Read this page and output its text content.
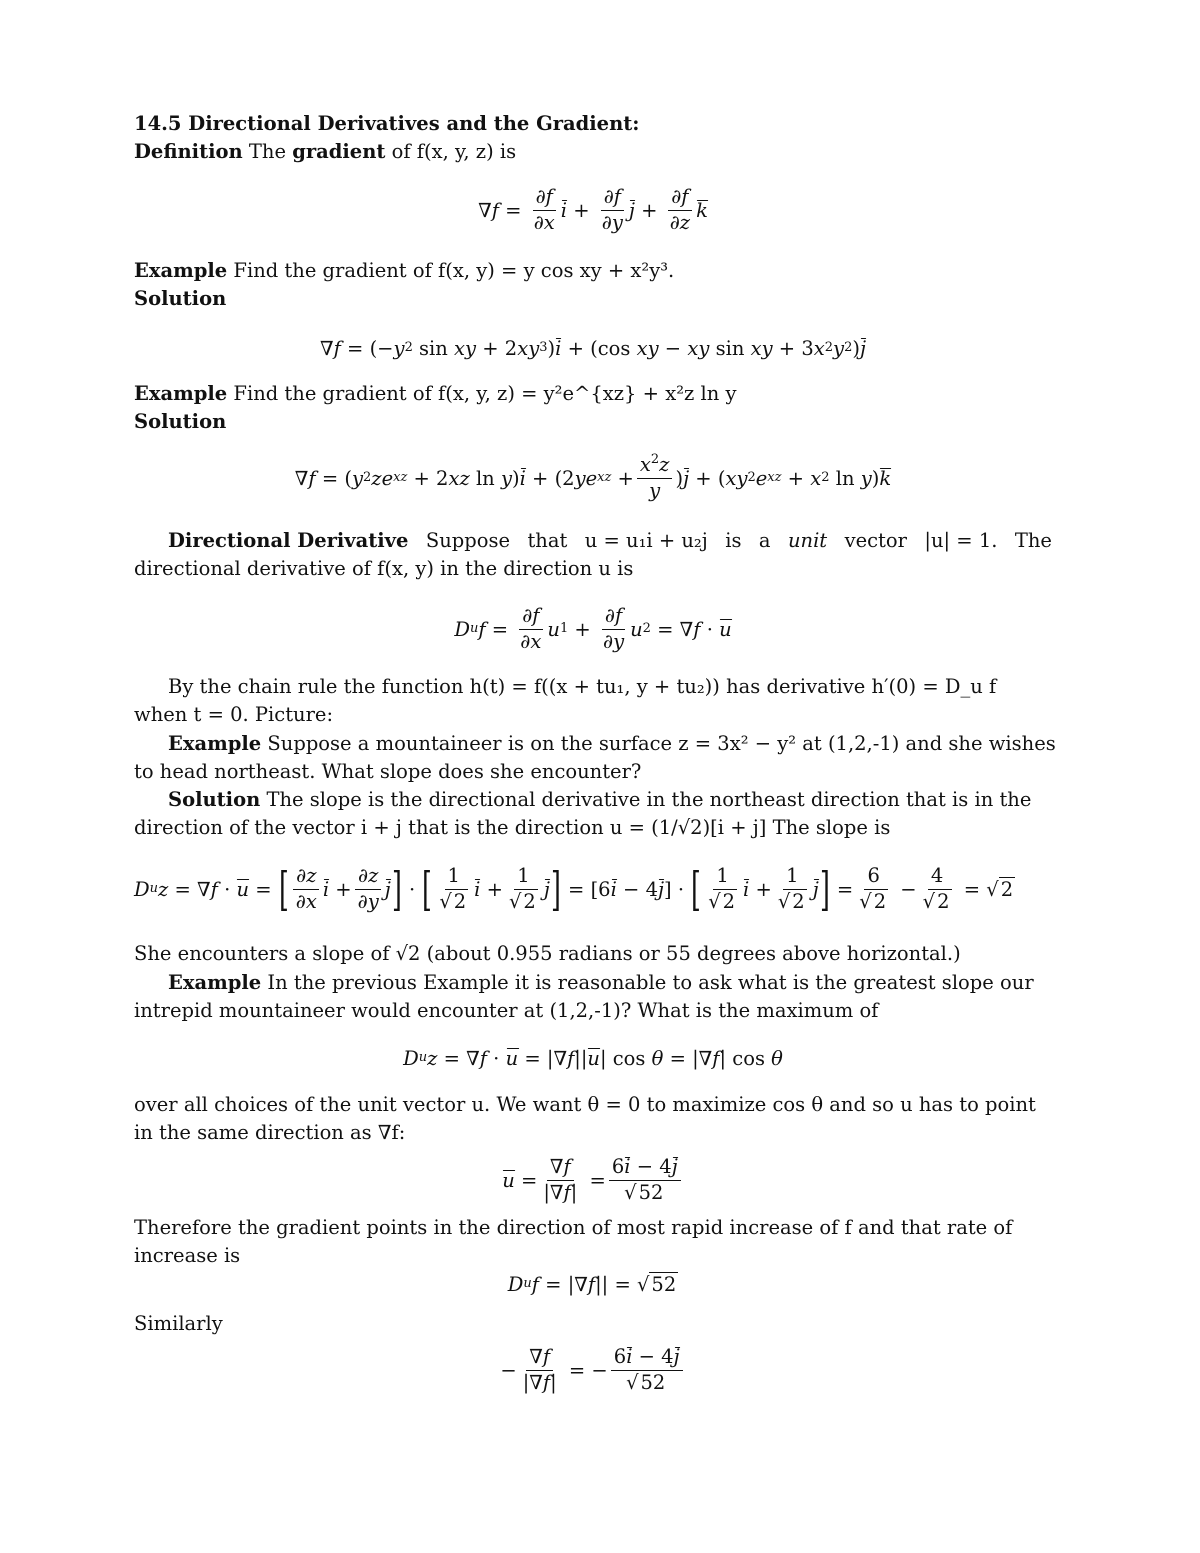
14.5 Directional Derivatives and the Gradient:
Definition The gradient of f(x, y, z) is
$\nabla f = \frac{\partial f}{\partial x}$ $i + \frac{\partial f}{\partial y}$ $j + \frac{\partial f}{\partial z}$ k
Example Find the gradient of f(x, y) = y cos xy + x²y³.
Solution
∇f = (− y 2 sin xy + 2 xy 3 ) i + (cos xy − xy sin xy + 3 x 2 y 2 ) j
Example Find the gradient of f(x, y, z) = y²e^{xz} + x²z ln y
Solution
∇f = ( y 2 ze xz + 2 xz ln y ) i + (2 ye xz + $\frac{x^2z}{y}$ ) j + ( xy 2 e xz + x 2 ln y ) k
Directional Derivative Suppose that u = u₁i + u₂j is a unit vector |u| = 1. The
directional derivative of f(x, y) in the direction u is
D u $f = \frac{\partial f}{\partial x}$ u $1 + \frac{\partial f}{\partial y}$ u 2 = ∇ f · u
By the chain rule the function h(t) = f((x + tu₁, y + tu₂)) has derivative h′(0) = D_u f
when t = 0. Picture:
Example Suppose a mountaineer is on the surface z = 3x² − y² at (1,2,-1) and she wishes
to head northeast. What slope does she encounter?
Solution The slope is the directional derivative in the northeast direction that is in the
direction of the vector i + j that is the direction u = (1/√2)[i + j] The slope is
D u z = ∇ f · u = [ $\frac{\partial z}{\partial x}$ $i + \frac{\partial z}{\partial y}$ j ] · [ $\frac{1}{√ 2}$ $i + \frac{1}{√ 2}$ j ] = [6 i − 4 j ] · [ $\frac{1}{√ 2}$ $i + \frac{1}{√ 2}$ j ] = $\frac{6}{√ 2} - \frac{4}{√ 2}$ = √ 2
She encounters a slope of √2 (about 0.955 radians or 55 degrees above horizontal.)
Example In the previous Example it is reasonable to ask what is the greatest slope our
intrepid mountaineer would encounter at (1,2,-1)? What is the maximum of
D u z = ∇ f · u = |∇ f || u | cos θ = |∇ f | cos θ
over all choices of the unit vector u. We want θ = 0 to maximize cos θ and so u has to point
in the same direction as ∇f:
$u = \frac{\nabla f}{|\nabla f|} = \frac{6i - 4j}{√ 52}$
Therefore the gradient points in the direction of most rapid increase of f and that rate of
increase is
D u f = |∇ f || = √ 52
Similarly
− $\frac{\nabla f}{|\nabla f|}$ = − $\frac{6i - 4j}{√ 52}$
